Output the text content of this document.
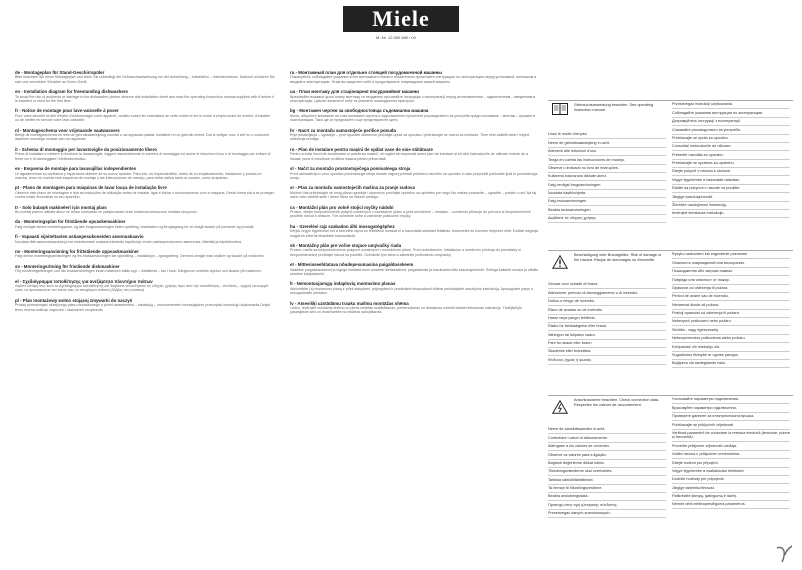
Miele
M.-Nr. 12 550 680 / 00
de - Montageplan für Stand-Geschirrspüler

Bitte beachten Sie einen Montageplan und lesen Sie unbedingt die Gebrauchsanweisung vor der Aufstellung – Installation – Inbetriebnahme. Dadurch schützen Sie sich und vermeiden Schäden an Ihrem Gerät.

en - Installation diagram for freestanding dishwashers

To avoid the risk of accidents or damage to the dishwasher please observe this installation sheet and read the operating instruction manual supplied with it before it is installed or used for the first time.

fr - Notice de montage pour lave-vaisselle à poser

Pour votre sécurité et afin d'éviter d'endommager votre appareil, veuillez suivre les indications de cette notice et lire le mode d'emploi avant de monter, d'installer ou de mettre en service votre lave-vaisselle.

nl - Montageschema voor vrijstaande vaatwassers

Bekijk dit montageschema en lees de gebruiksaanwijzing voordat u uw apparaat plaatst, installeert en in gebruik neemt. Dat is veiliger voor u zelf en u voorkomt daarmee onnodige schade aan uw apparaat.

it - Schema di montaggio per lavastoviglie da posizionamento libero

Prima di installare e mettere in funzione la lavastoviglie, leggere assolutamente lo schema di montaggio ed anche le istruzioni d'uso e di montaggio per evitare di ferire voi e di danneggiare l'elettrodomestico.

es - Esquema de montaje para lavavajillas independientes

Le agradecemos su confianza y esperamos disfrute de su nuevo aparato. Para ello, es imprescindible, antes de su emplazamiento, instalación y puesta en marcha, tener en cuenta este esquema de montaje y las instrucciones de manejo, para evitar daños tanto al usuario, como al aparato.

pt - Plano de montagem para máquinas de lavar louça de instalação livre

Observe este plano de montagem e leia as instruções de utilização antes de instalar, ligar e iniciar o funcionamento com a máquina. Desta forma stá a se proteger contra existir anomalias no seu aparelho.

tr - Solo bulaşık makineleri için montaj planı

Bu montaj planını dikkate alınız ve cihazı kurmadan ve çalıştırmadan önce kullanma kılavuzunu mutlaka okuyunuz.

da - Monteringsplan for fritstående opvaskemaskiner

Følg venligst denne monteringsplan, og læs brugsanvisningen inden opstilling, installation og ibrugtagning for at undgå skader på personer og produkt.

fi - Vapaasti sijoitettavien astianpesukoneiden asennuskaavio

Noudata tätä asennuskaaviota ja lue ehdottomasti mukana toimitettu käyttöohje ennen astianpesukoneen asennusta, liitäntää ja käyttöönottoa.

no - Monteringsanvisning for frittstående oppvaskmaskiner

Følg denne monteringsanvisningen og les bruksanvisningen før oppstilling – installasjon – igangsetting. Dermed unngår man ulykker og skader på maskinen.

sv - Monteringsritning för fristående diskmaskiner

Följ monteringsritningen och läs bruksanvisningen innan maskinen ställs upp – installeras – tas i bruk. Därigenom undviks olyckor och skador på maskinen.

el - Σχεδιάγραμμα τοποθέτησης για ανεξάρτητο πλυντήριο πιάτων

Λάβετε υπόψη σας αυτό το σχεδιάγραμμα τοποθέτησης και διαβάστε οπωσδήποτε τις οδηγίες χρήσης πριν από την τοποθέτηση – σύνδεση – αρχική λειτουργία ώστε να προστατεύετε τον εαυτό σας να αποφύγετε πιθανές βλάβες στη συσκευή.

pl - Plan montażowy wolno stojącej zmywarki do naczyń

Proszę przestrzegać niniejszego planu montażowego a przed ustawieniem – instalacją – uruchomieniem bezwzględnie przeczytać instrukcję użytkowania.Dzięki temu można uniknąć zagrożeń i uszkodzeń urządzenia.

ru - Монтажный план для отдельно стоящей посудомоечной машины

Пожалуйста, соблюдайте указания этого монтажного плана и обязательно прочитайте инструкцию по эксплуатации перед установкой, монтажом и вводом в эксплуатацию. Этим вы защитите себя и предотвратите повреждения вашей машины.

ua - План монтажу для стаціонарної посудомийної машини

Враховуйте вказівки цього плану монтажу та неодмінно прочитайте інструкцію з експлуатації перед встановленням – підключенням – введенням в експлуатацію. Цим ви захистите себе та уникнете пошкодження пристрою.

bg - Монтажен чертеж за свободностояща съдомиална машина

Моля, обърнете внимание на този монтажен чертеж и задължително прочетете ръководството за употреба преди поставяне – монтаж – пускане в експлоатация. Така ще се предпазите и ще предотвратите щети.

hr - Nacrt za montažu samostojeće perilice posuđa

Prije postavljanja – ugradnje – prve uporabe obavezno pročitajte upute za uporabu i pridržavajte se nacrta za montažu. Time ćete zaštititi sebe i izbjeći oštećenja uređaja.

ro - Plan de instalare pentru mașini de spălat vase de sine stătătoare

Pentru a evita riscul de accidentare și avarierea mașinii, vă rugăm să respectați acest plan de instalare și să citiți instrucțiunile de utilizare înainte de a instala, pune în funcțiune și utiliza mașina pentru prima dată.

sl - Načrt za montažo prostostoječega pomivalnega stroja

Pred namestitvijo in prvo uporabo pomivalnega stroja morate najprej prebrati priloženo navodilo za uporabo in tako preprečiti poškodbe ljudi in pomivalnega stroja.

sr - Plan za montažu samostojećih mašina za pranje sudova

Molimo Vas pridržavajte se ovog plana ugradnje i obavezno pročitajte uputstvo za upotrebu pre nego što mašinu postavite – ugradite – pustite u rad. Na taj način ćete zaštititi sebe i izbeći štetu na Vašem uređaju.

cs - Montážní plán pro volně stojící myčky nádobí

Prosím, dbejte bezpodmínečně pokynů uvedených v montážním plánu a před umístěním – instalací – uvedením přístroje do provozu si bezpodmínečně pročtěte návod k obsluze. Tím ochráníte sebe a zabráníte poškození myčky.

hu - Szerelési rajz szabadon álló mosogatógéphez

Kérjük vegye figyelembe ezt a szerelési rajzot és feltétlenül olvassa el a használati utasítást felállítás, beszerelés és üzembe helyezés előtt. Ezáltal megóvja magát és elkerüli készüléke károsodását.

sk - Montážny plán pre voľne stojace umývačky riadu

Prosím, riaďte sa bezpodmienečne pokynmi uvedenými v montážnom pláne. Pred umiestnením, inštaláciou a uvedením prístroja do prevádzky si bezpodmienečne prečítajte návod na použitie. Ochránite tým seba a zabránite poškodeniu umývačky.

et - Mittesisseehitatava nõudepesumasina paigaldusskeem

Vaadake paigaldusskeemi ja lugege kindlasti enne seadme ülesseadmist, paigaldamist ja kasutuselevõttu kasutusjuhendit. Sellega kaitsete ennast ja väldite seadme kahjustamist.

lt - Nemontuojamųjų indaplovių montavimo planas

Atsižvelkite į šį montavimo planą ir prieš statydami, prijungdami ir pradėdami eksploatuoti būtinai perskaitykite naudojimo instrukciją. Apsaugosite patys ir nesugadinsite prietaiso.

lv - Atsevišķi uzstādāmu trauku mašīnu montāžas shēma

Lūdzu, ievērojiet montāžas shēmu un pirms iekārtas uzstādīšanas, pievienošanas un lietošanas noteikti izlasiet lietošanas instrukciju. Tādējādi jūs pasargāsiet sevi un izvairīsieties no iekārtas sabojāšanas.

Gebrauchsanweisung beachten. See operating instruction manual.
Lisez le mode d'emploi.
Neem de gebruiksaanwijzing in acht.
Attenersi alle istruzioni d'uso.
Tenga en cuenta las instrucciones de manejo.
Observe o indicado no livro de instruções.
Kullanma kılavuzunu dikkate alınız.
Følg venligst brugsanvisningen.
Noudata käyttöohjetta.
Følg bruksanvisningen.
Beakta bruksanvisningen.
Διαβάστε τις οδηγίες χρήσης.
Przestrzegać instrukcji użytkowania.
Соблюдайте указания инструкции по эксплуатации.
Дотримуйтесь інструкції з експлуатації.
Спазвайте ръководството за употреба.
Pridržavajte se uputa za uporabu.
Consultați instrucțiunile de utilizare.
Preberite navodila za uporabo.
Pridržavajte se uputstva za upotrebu.
Dbejte pokynů v návodu k obsluze.
Vegye figyelembe a használati utasítást.
Riaďte sa pokynmi v návode na použitie.
Järgige kasutusjuhendit.
Žiūrėkite naudojimosi instrukciją.
Ievērojiet lietošanas instrukciju.
Beschädigung oder Brandgefahr. Risk of damage or fire hazard. Risque de dommages ou d'incendie.
Gevaar voor schade of brand.
Attenzione: pericolo di danneggiamento o di incendio.
Daños o riesgo de incendio.
Risco de avarias ou de incêndio.
Hasar veya yangın tehlikesi.
Risiko for beskadigelse eller brand.
Vahingon tai tulipalon vaara.
Fare for skade eller brann.
Skaderisk eller brandfara.
Κίνδυνος ζημιάς ή φωτιάς.
Ryzyko uszkodzeń lub zagrożenie pożarowe.
Опасность повреждений или возгорания.
Пошкодження або загроза пожежі.
Повреди или опасност от пожар.
Opasnost od oštećenja ili požara.
Pericol de avarie sau de incendiu.
Nevarnost škode ali požara.
Postoji opasnost od oštećenja ili požara.
Nebezpečí poškození nebo požáru.
Sérülés - vagy égésveszély.
Nebezpečenstvo poškodenia alebo požiaru.
Kahjustuse või tulekahju oht.
Sugadinimo tikimybė ar ugnies pavojus.
Bojājumu vai aizdegšanās risks.
Anschlusswerte beachten. Check connection data. Respectez les valeurs de raccordement.
Neem de aansluitwaarden in acht.
Controllare i valori di allacciamento.
Atiéngase a los valores de conexión.
Observe os valores para a ligação.
Bağlantı değerlerine dikkat ediniz.
Tilslutningsværdierne skal overholdes.
Tarkista sähköliitäntätiedot.
Ta hensyn til tilkoblingsverdiene.
Beakta anslutningsdata.
Προσοχή στην τιμή ηλεκτρικής σύνδεσης.
Przestrzegać danych znamionowych.
Учитывайте параметры подключения.
Враховуйте параметри підключення.
Проверете данните за електрическата връзка.
Pridržavajte se priključnih vrijednosti.
Verificați parametrii de conectare la rețeaua electrică (tensiune, putere și frecvență).
Proverite priključne vrijednosti uređaja.
Vodite računa o priključnim vrednostima.
Dbejte hodnot pro připojení.
Vegye figyelembe a csatlakozási értékeket.
Dodržte hodnoty pre pripojenie.
Järgige tarbimisvõimsust.
Patikrinkite įtampą, galingumą ir dažnį.
Ņemiet vērā elektropieslēguma parametrus.
